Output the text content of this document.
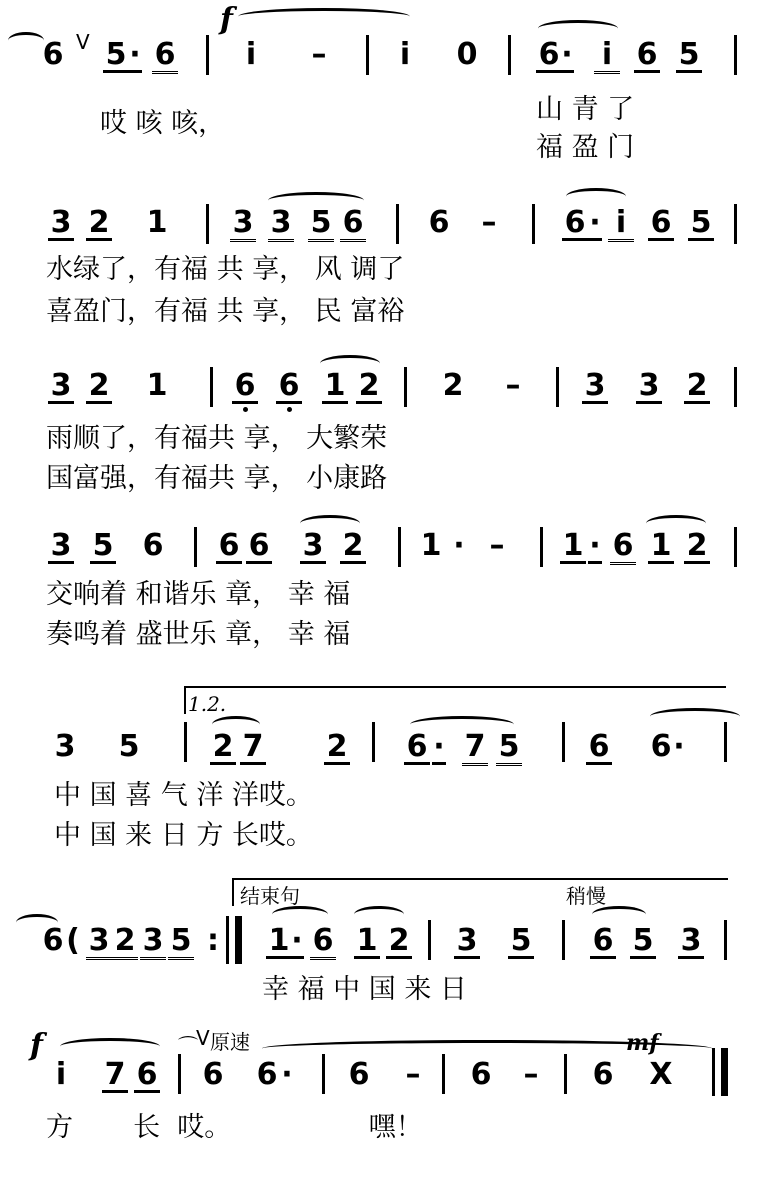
6 V 5 · 6
f
i – i 0 6 · i 6 5
哎 咳 咳，	山 青 了
福 盈 门
3 2 1 3 3 5 6 6 – 6 · i 6 5
水绿了，有福 共 享， 风 调了
喜盈门，有福 共 享， 民 富裕
3 2 1 6 6 1 2 2 – 3 3 2
雨顺了，有福共 享， 大繁荣
国富强，有福共 享， 小康路
3 5 6 6 6 3 2 1 · – 1 · 6 1 2
交响着 和谐乐 章， 幸 福
奏鸣着 盛世乐 章， 幸 福
1.2.
3 5 2 7 2 6 · 7 5 6 6 ·
中 国 喜 气 洋 洋哎。
中 国 来 日 方 长哎。
结束句	稍慢
6 ( 3 2 3 5 : 1 · 6 1 2 3 5 6 5 3
幸 福 中 国 来 日
f
i 7 6
⌒
V 原速
6 6 · 6 – 6 – 6
mf
X
方       长  哎。                嘿！
